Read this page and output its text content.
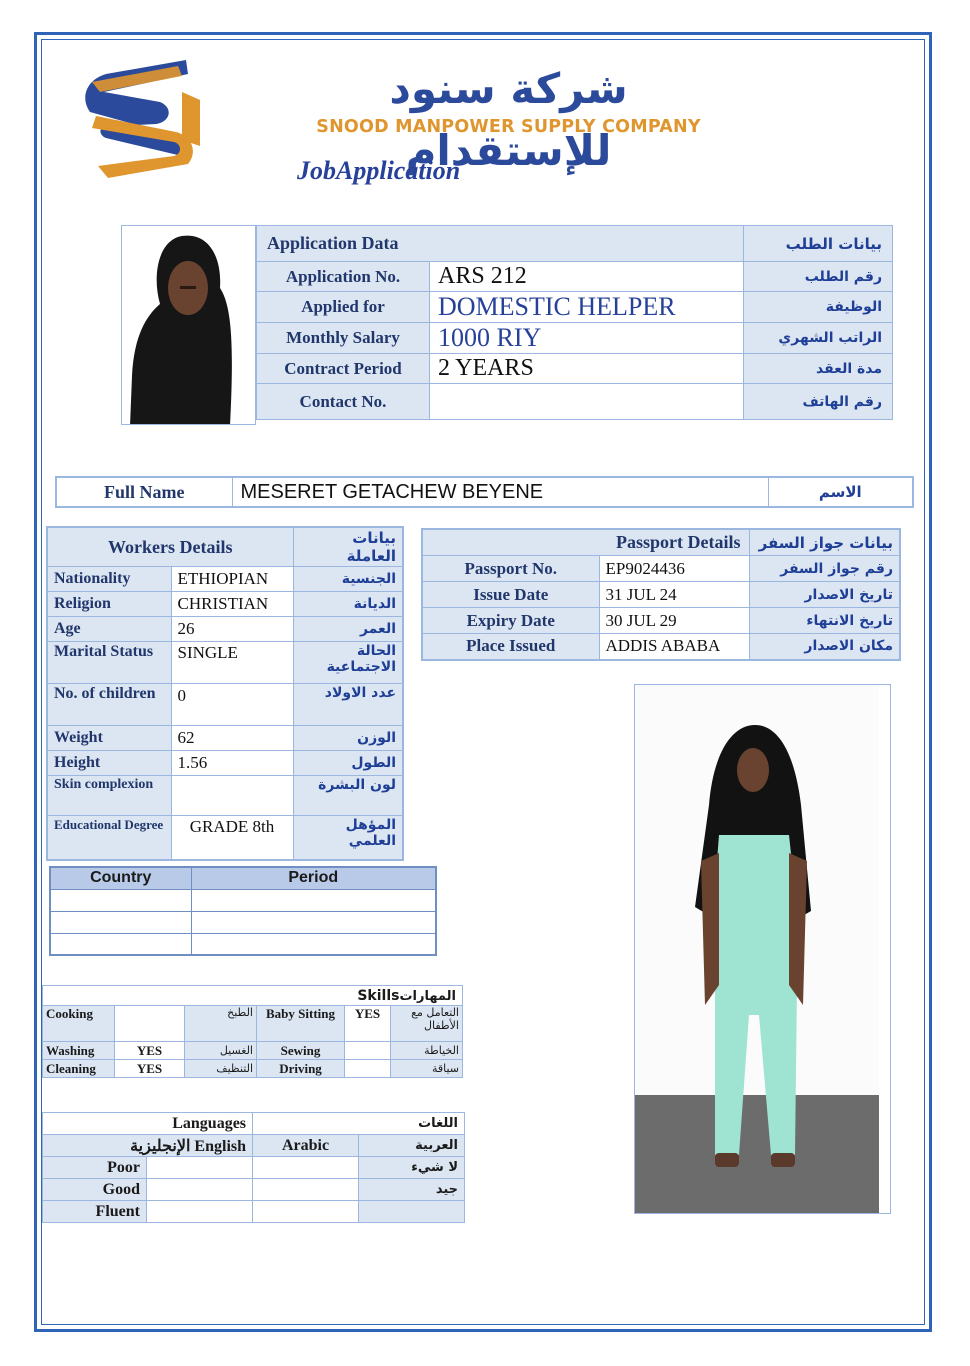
شركة سنود للإستقدام
SNOOD MANPOWER SUPPLY COMPANY
JobApplication
Application Data		بيانات الطلب
Application No.	ARS 212	رقم الطلب
Applied for	DOMESTIC HELPER	الوظيفة
Monthly Salary	1000 RIY	الراتب الشهري
Contract Period	2 YEARS	مدة العقد
Contact No.		رقم الهاتف
Full Name	MESERET GETACHEW BEYENE	الاسم
Workers Details		بيانات العاملة
Nationality	ETHIOPIAN	الجنسية
Religion	CHRISTIAN	الديانة
Age	26	العمر
Marital Status	SINGLE	الحالة الاجتماعية
No. of children	0	عدد الاولاد
Weight	62	الوزن
Height	1.56	الطول
Skin complexion		لون البشرة
Educational Degree	GRADE 8th	المؤهل العلمي
Passport Details		بيانات جواز السفر
Passport No.	EP9024436	رقم جواز السفر
Issue Date	31 JUL 24	تاريخ الاصدار
Expiry Date	30 JUL 29	تاريخ الانتهاء
Place Issued	ADDIS ABABA	مكان الاصدار
Country	Period

Skillsالمهارات					
Cooking		الطبخ	Baby Sitting	YES	التعامل مع الأطفال
Washing	YES	الغسيل	Sewing		الخياطة
Cleaning	YES	التنظيف	Driving		سياقة
Languages		اللغات	
الإنجليزية English		Arabic	العربية
Poor			لا شيء
Good			جيد
Fluent			
